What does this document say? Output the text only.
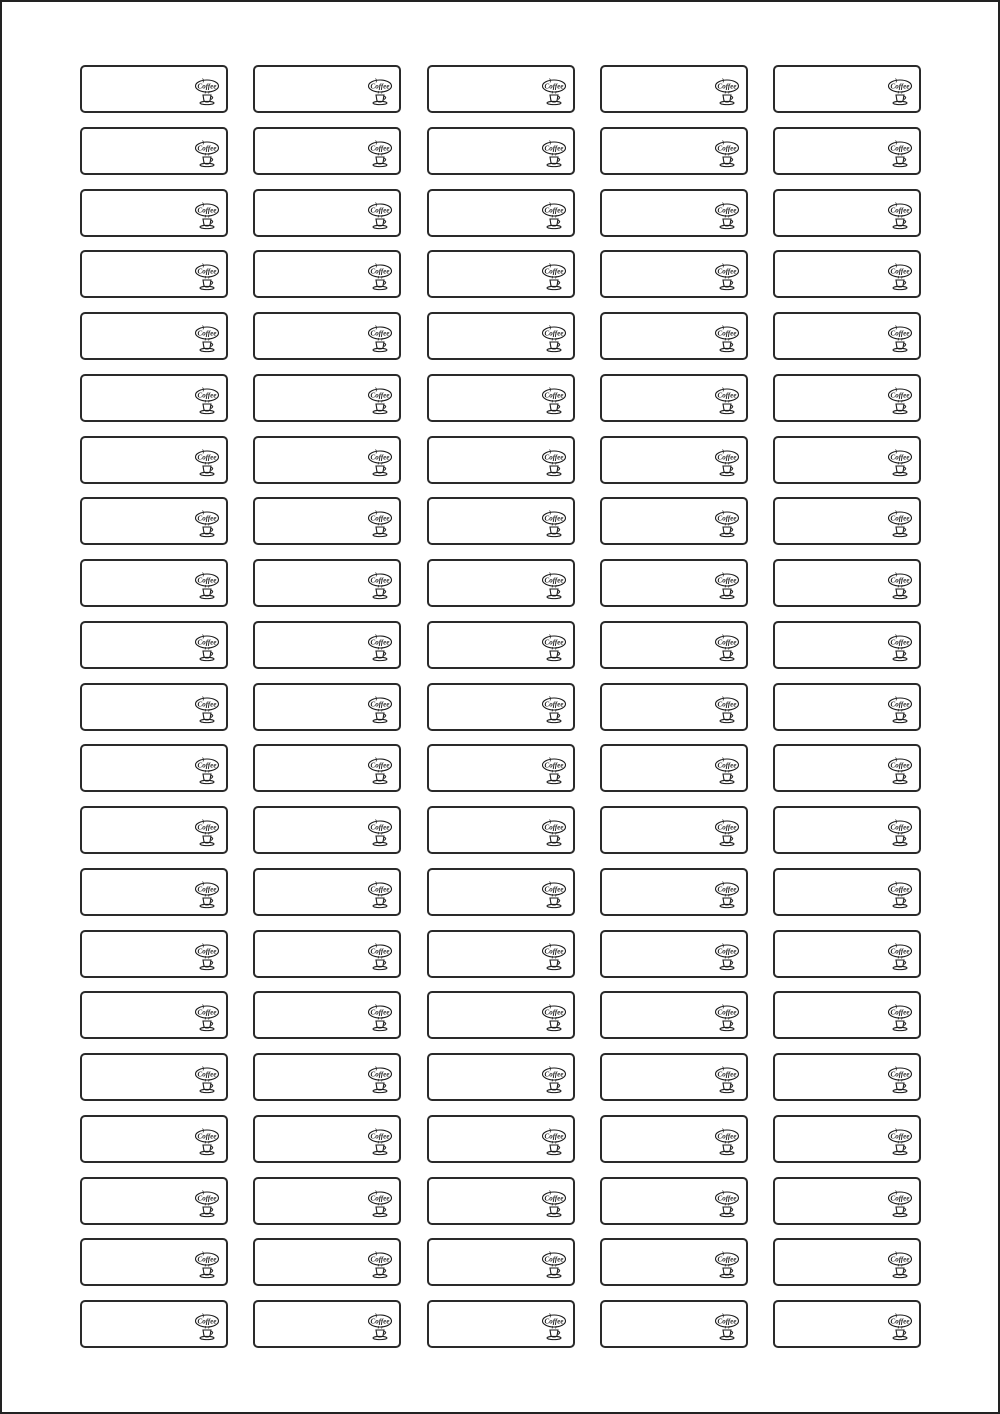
Coffee	Coffee	Coffee	Coffee	Coffee
Coffee	Coffee	Coffee	Coffee	Coffee
Coffee	Coffee	Coffee	Coffee	Coffee
Coffee	Coffee	Coffee	Coffee	Coffee
Coffee	Coffee	Coffee	Coffee	Coffee
Coffee	Coffee	Coffee	Coffee	Coffee
Coffee	Coffee	Coffee	Coffee	Coffee
Coffee	Coffee	Coffee	Coffee	Coffee
Coffee	Coffee	Coffee	Coffee	Coffee
Coffee	Coffee	Coffee	Coffee	Coffee
Coffee	Coffee	Coffee	Coffee	Coffee
Coffee	Coffee	Coffee	Coffee	Coffee
Coffee	Coffee	Coffee	Coffee	Coffee
Coffee	Coffee	Coffee	Coffee	Coffee
Coffee	Coffee	Coffee	Coffee	Coffee
Coffee	Coffee	Coffee	Coffee	Coffee
Coffee	Coffee	Coffee	Coffee	Coffee
Coffee	Coffee	Coffee	Coffee	Coffee
Coffee	Coffee	Coffee	Coffee	Coffee
Coffee	Coffee	Coffee	Coffee	Coffee
Coffee	Coffee	Coffee	Coffee	Coffee
